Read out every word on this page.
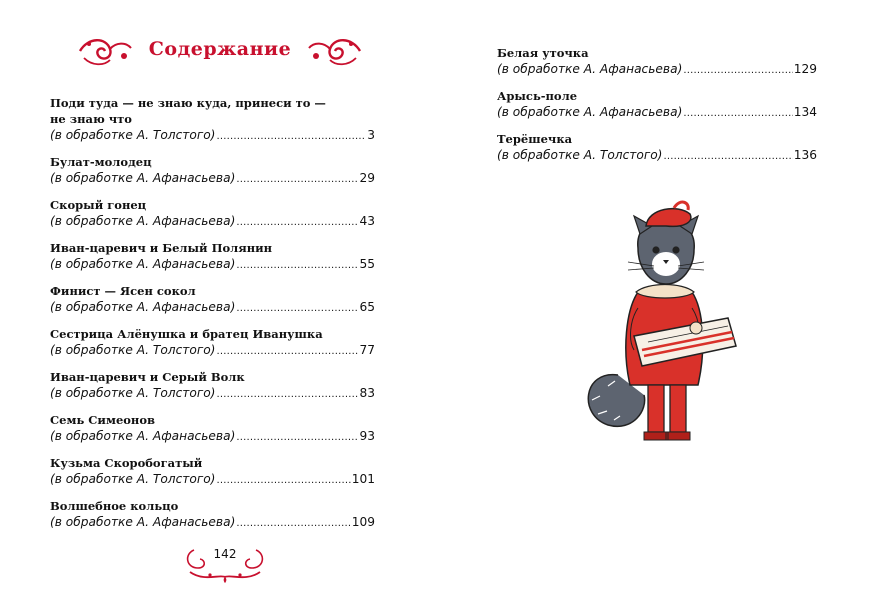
Содержание
Поди туда — не знаю куда, принеси то —
не знаю что
(в обработке А. Толстого) .....	3
Булат-молодец
(в обработке А. Афанасьева) .....	29
Скорый гонец
(в обработке А. Афанасьева) .....	43
Иван-царевич и Белый Полянин
(в обработке А. Афанасьева) .....	55
Финист — Ясен сокол
(в обработке А. Афанасьева) .....	65
Сестрица Алёнушка и братец Иванушка
(в обработке А. Толстого) .....	77
Иван-царевич и Серый Волк
(в обработке А. Толстого) .....	83
Семь Симеонов
(в обработке А. Афанасьева) .....	93
Кузьма Скоробогатый
(в обработке А. Толстого) .....	101
Волшебное кольцо
(в обработке А. Афанасьева) .....	109
142
Белая уточка
(в обработке А. Афанасьева) .....	129
Арысь-поле
(в обработке А. Афанасьева) .....	134
Терёшечка
(в обработке А. Толстого) .....	136
